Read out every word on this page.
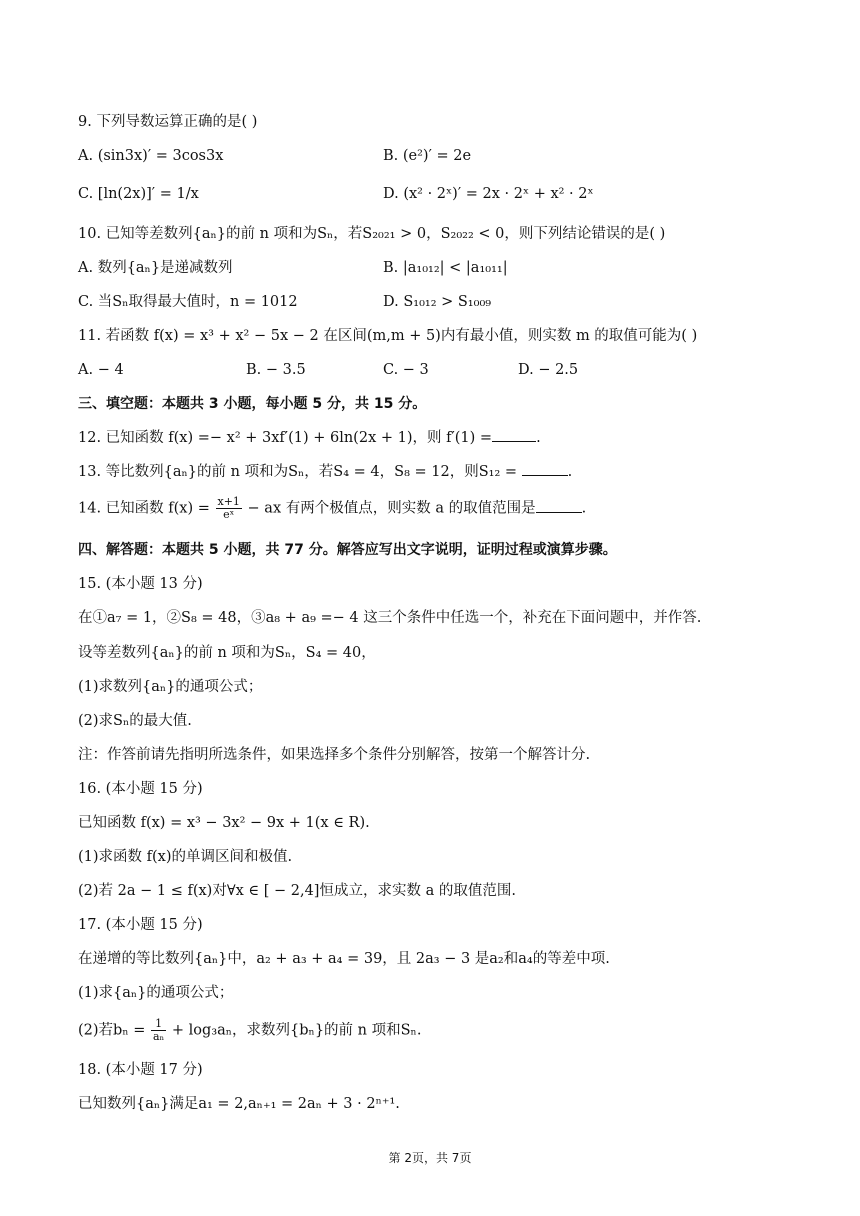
9. 下列导数运算正确的是( )
A. (sin3x)′ = 3cos3x	B. (e²)′ = 2e
C. [ln(2x)]′ = 1/x	D. (x² · 2ˣ)′ = 2x · 2ˣ + x² · 2ˣ
10. 已知等差数列{aₙ}的前 n 项和为Sₙ，若S₂₀₂₁ > 0，S₂₀₂₂ < 0，则下列结论错误的是( )
A. 数列{aₙ}是递减数列	B. |a₁₀₁₂| < |a₁₀₁₁|
C. 当Sₙ取得最大值时，n = 1012	D. S₁₀₁₂ > S₁₀₀₉
11. 若函数 f(x) = x³ + x² − 5x − 2 在区间(m,m + 5)内有最小值，则实数 m 的取值可能为( )
A. − 4	B. − 3.5	C. − 3	D. − 2.5
三、填空题：本题共 3 小题，每小题 5 分，共 15 分。
12. 已知函数 f(x) =− x² + 3xf′(1) + 6ln(2x + 1)，则 f′(1) =	.
13. 等比数列{aₙ}的前 n 项和为Sₙ，若S₄ = 4，S₈ = 12，则S₁₂ =	.
14. 已知函数 $f(x) = \frac{x+1}{\text{eˣ}}$ − ax 有两个极值点，则实数 a 的取值范围是	.
四、解答题：本题共 5 小题，共 77 分。解答应写出文字说明，证明过程或演算步骤。
15. (本小题 13 分)
在①a₇ = 1，②S₈ = 48，③a₈ + a₉ =− 4 这三个条件中任选一个，补充在下面问题中，并作答.
设等差数列{aₙ}的前 n 项和为Sₙ，S₄ = 40，
(1)求数列{aₙ}的通项公式；
(2)求Sₙ的最大值.
注：作答前请先指明所选条件，如果选择多个条件分别解答，按第一个解答计分.
16. (本小题 15 分)
已知函数 f(x) = x³ − 3x² − 9x + 1(x ∈ R).
(1)求函数 f(x)的单调区间和极值.
(2)若 2a − 1 ≤ f(x)对∀x ∈ [ − 2,4]恒成立，求实数 a 的取值范围.
17. (本小题 15 分)
在递增的等比数列{aₙ}中，a₂ + a₃ + a₄ = 39，且 2a₃ − 3 是a₂和a₄的等差中项.
(1)求{aₙ}的通项公式；
(2)若$b_n = \frac{1}{\text{aₙ}} + \log_3a_n$，求数列{bₙ}的前 n 项和Sₙ.
18. (本小题 17 分)
已知数列{aₙ}满足a₁ = 2,aₙ₊₁ = 2aₙ + 3 · 2ⁿ⁺¹.
第 2页，共 7页
